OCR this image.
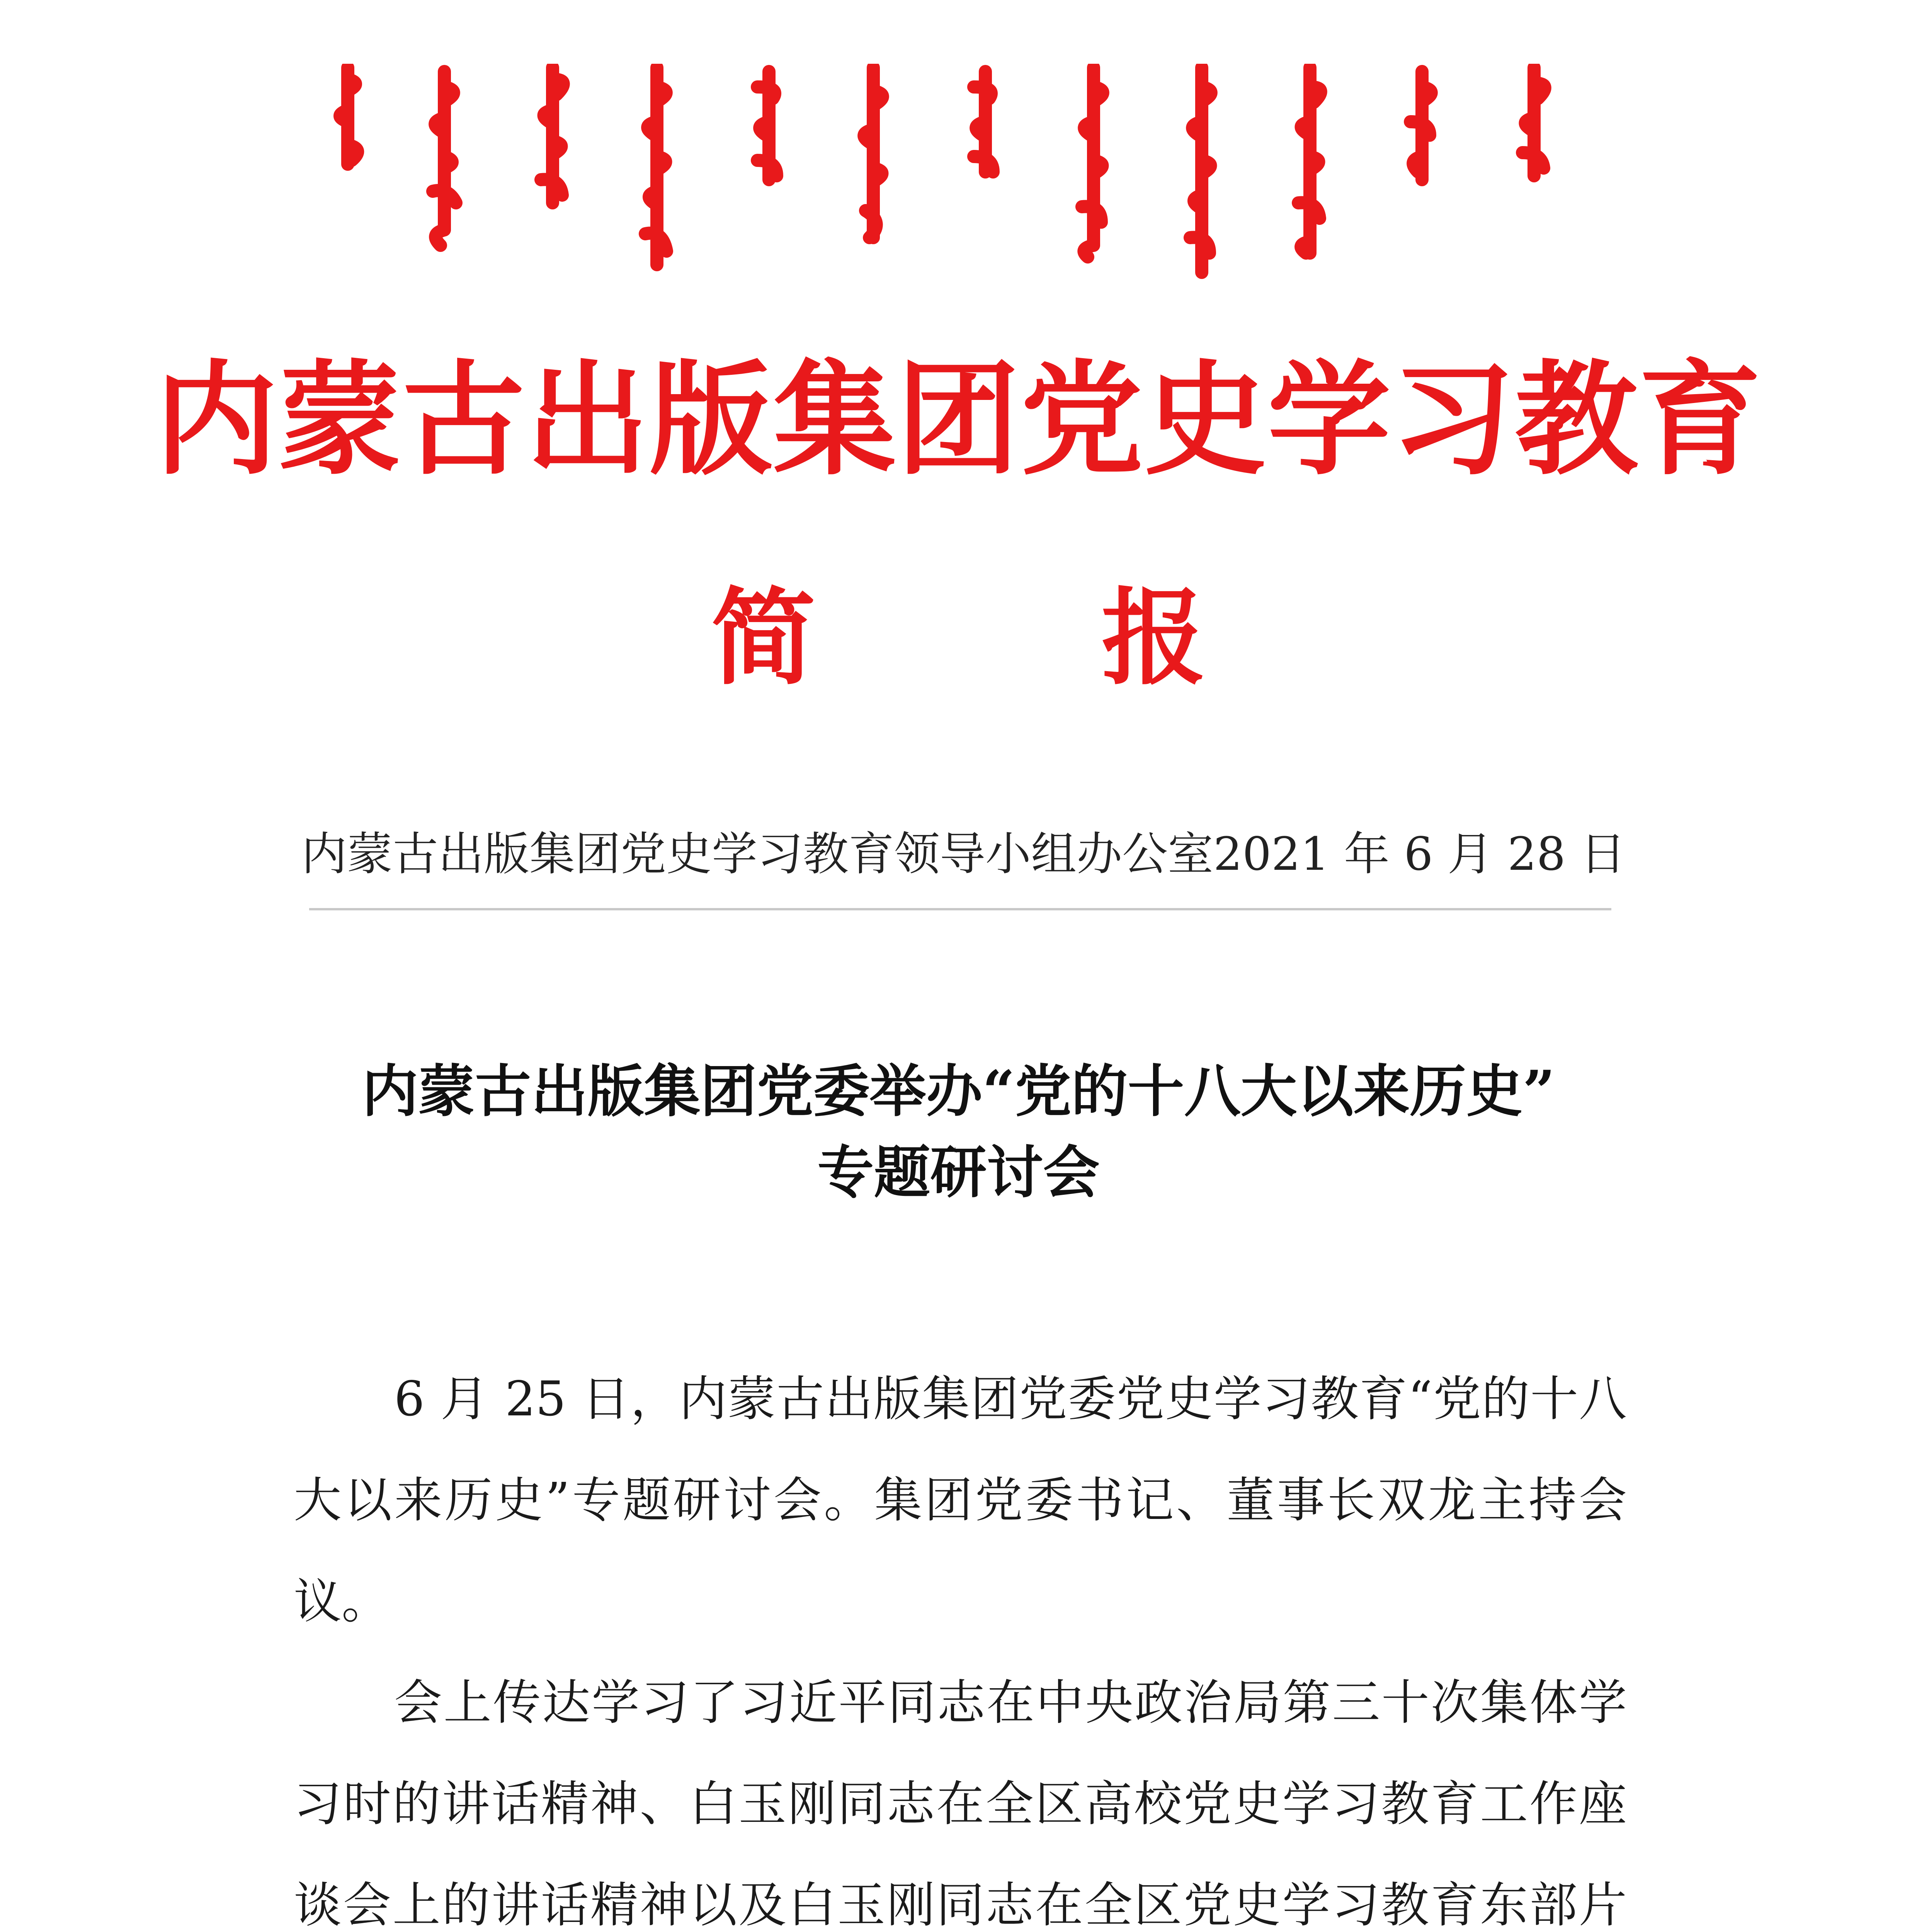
内蒙古出版集团党史学习教育
简	报
内蒙古出版集团党史学习教育领导小组办公室 2021 年 6 月 28 日
内蒙古出版集团党委举办“党的十八大以来历史”
专题研讨会

6 月 25 日，内蒙古出版集团党委党史学习教育“党的十八大以来历史”专题研讨会。集团党委书记、董事长双龙主持会议。

会上传达学习了习近平同志在中央政治局第三十次集体学习时的讲话精神、白玉刚同志在全区高校党史学习教育工作座谈会上的讲话精神以及白玉刚同志在全区党史学习教育东部片
